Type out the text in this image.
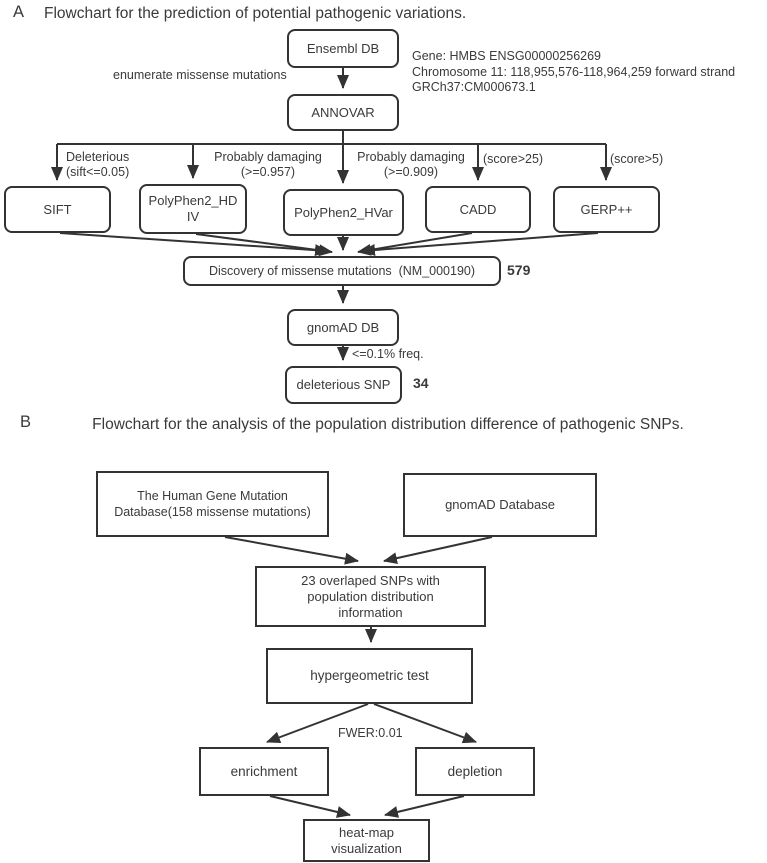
A Flowchart for the prediction of potential pathogenic variations.
Ensembl DB
enumerate missense mutations
Gene: HMBS ENSG00000256269
Chromosome 11: 118,955,576-118,964,259 forward strand
GRCh37:CM000673.1
ANNOVAR
Deleterious (sift<=0.05)
Probably damaging (>=0.957)
Probably damaging (>=0.909)
(score>25)	(score>5)
SIFT
PolyPhen2_HDIV	PolyPhen2_HVar	CADD	GERP++
Discovery of missense mutations  (NM_000190) 579
gnomAD DB
<=0.1% freq.
deleterious SNP 34
B	Flowchart for the analysis of the population distribution difference of pathogenic SNPs.
The Human Gene Mutation Database(158 missense mutations)	gnomAD Database
23 overlaped SNPs with population distribution information
hypergeometric test
FWER:0.01
enrichment	depletion
heat-map visualization
